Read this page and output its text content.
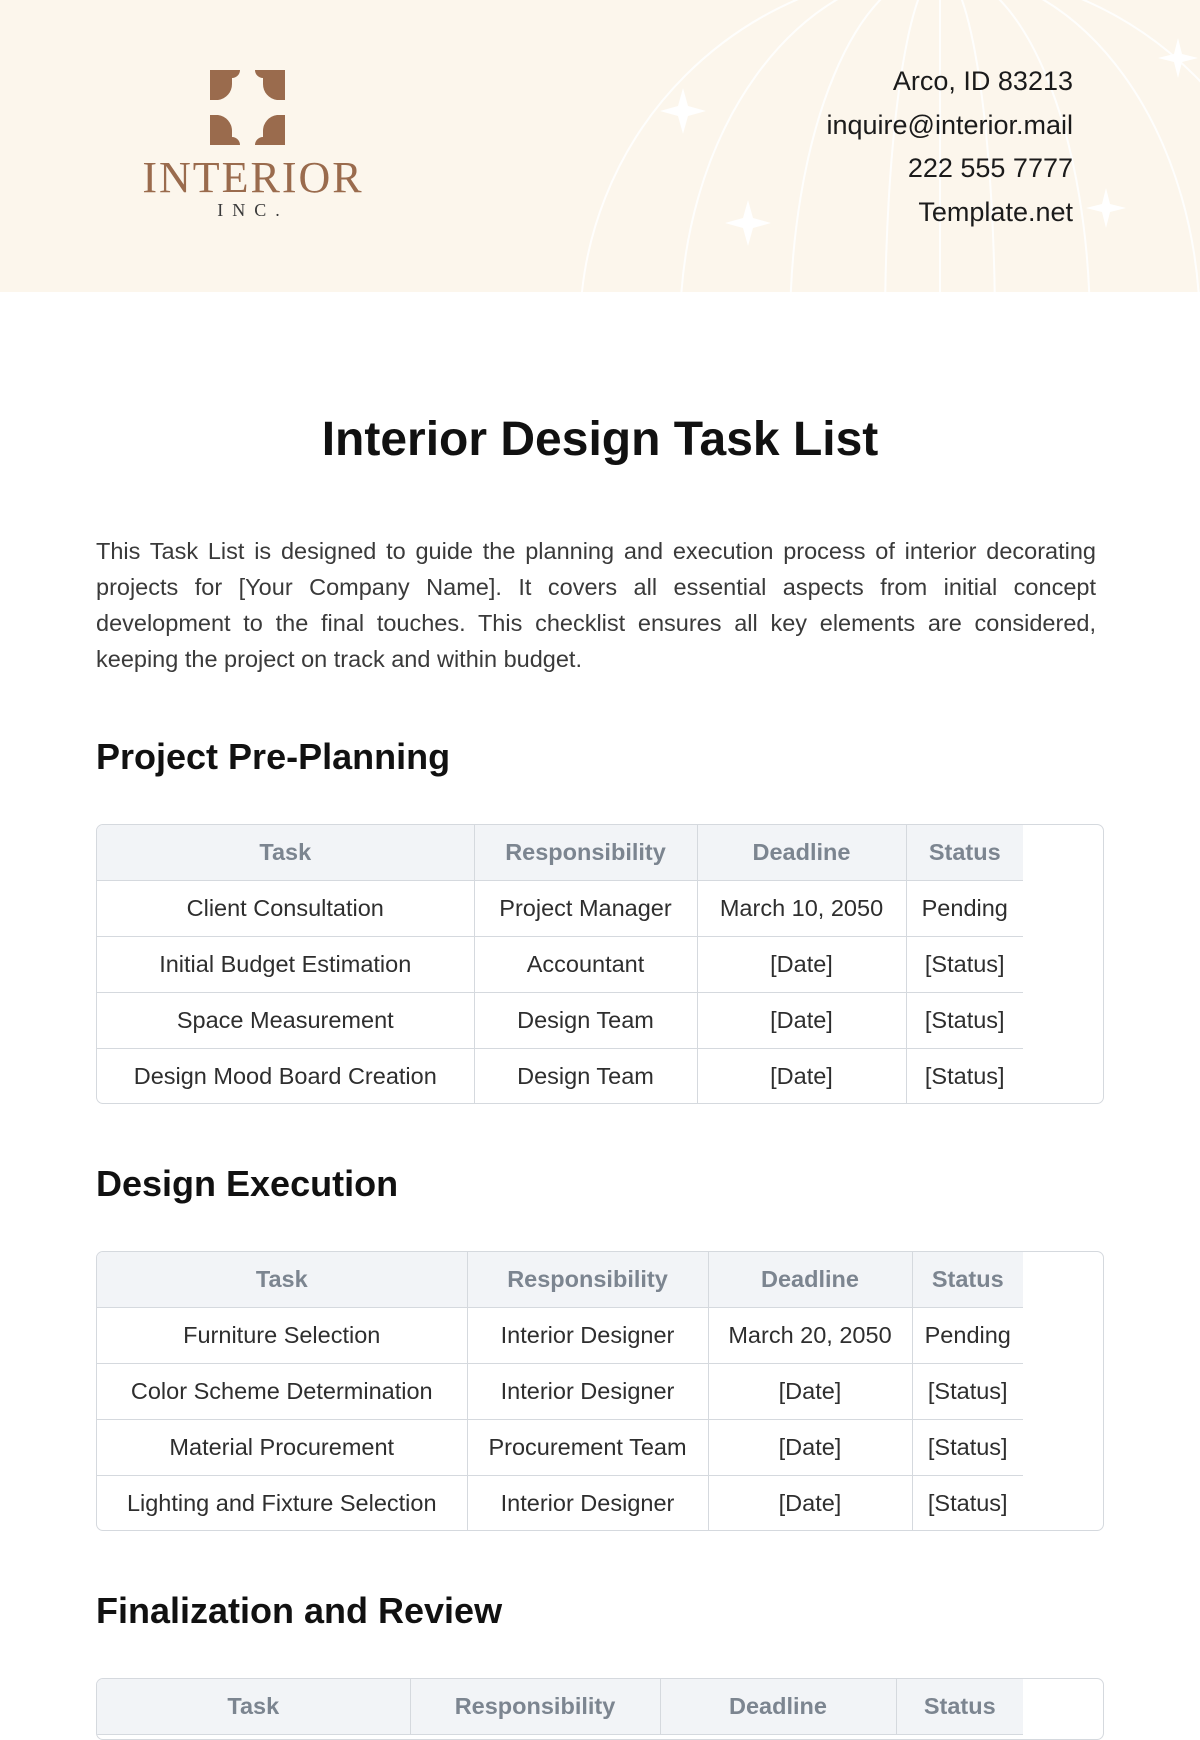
INTERIOR
INC.
Arco, ID 83213
inquire@interior.mail
222 555 7777
Template.net
Interior Design Task List
This Task List is designed to guide the planning and execution process of interior decorating projects for [Your Company Name]. It covers all essential aspects from initial concept development to the final touches. This checklist ensures all key elements are considered, keeping the project on track and within budget.
Project Pre-Planning
Task	Responsibility	Deadline	Status
Client Consultation	Project Manager	March 10, 2050	Pending
Initial Budget Estimation	Accountant	[Date]	[Status]
Space Measurement	Design Team	[Date]	[Status]
Design Mood Board Creation	Design Team	[Date]	[Status]
Design Execution
Task	Responsibility	Deadline	Status
Furniture Selection	Interior Designer	March 20, 2050	Pending
Color Scheme Determination	Interior Designer	[Date]	[Status]
Material Procurement	Procurement Team	[Date]	[Status]
Lighting and Fixture Selection	Interior Designer	[Date]	[Status]
Finalization and Review
Task	Responsibility	Deadline	Status
